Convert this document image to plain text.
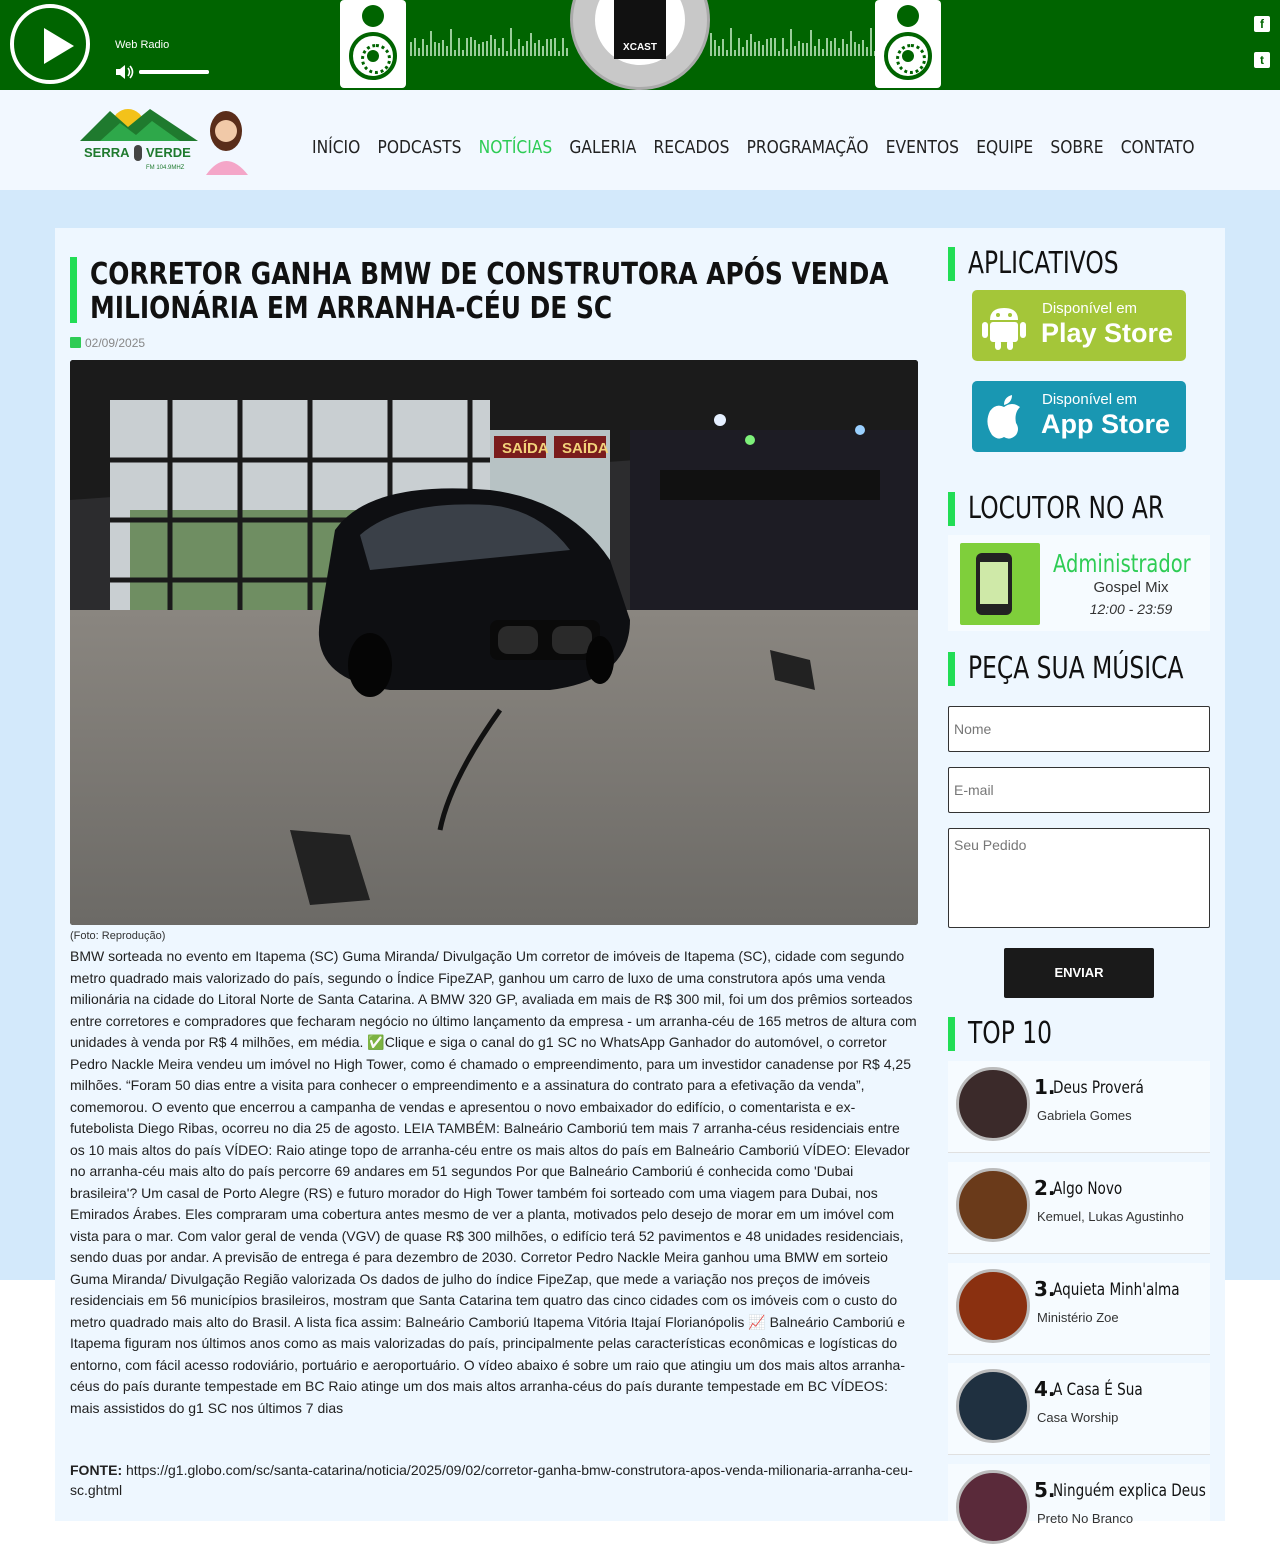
Web Radio	XCAST
f
t
SERRA VERDE
FM 104.9MHZ
INÍCIO PODCASTS NOTÍCIAS GALERIA RECADOS PROGRAMAÇÃO EVENTOS EQUIPE SOBRE CONTATO
CORRETOR GANHA BMW DE CONSTRUTORA APÓS VENDA MILIONÁRIA EM ARRANHA-CÉU DE SC
02/09/2025
SAÍDA SAÍDA
(Foto: Reprodução)

BMW sorteada no evento em Itapema (SC) Guma Miranda/ Divulgação Um corretor de imóveis de Itapema (SC), cidade com segundo metro quadrado mais valorizado do país, segundo o Índice FipeZAP, ganhou um carro de luxo de uma construtora após uma venda milionária na cidade do Litoral Norte de Santa Catarina. A BMW 320 GP, avaliada em mais de R$ 300 mil, foi um dos prêmios sorteados entre corretores e compradores que fecharam negócio no último lançamento da empresa - um arranha-céu de 165 metros de altura com unidades à venda por R$ 4 milhões, em média. ✅Clique e siga o canal do g1 SC no WhatsApp Ganhador do automóvel, o corretor Pedro Nackle Meira vendeu um imóvel no High Tower, como é chamado o empreendimento, para um investidor canadense por R$ 4,25 milhões. “Foram 50 dias entre a visita para conhecer o empreendimento e a assinatura do contrato para a efetivação da venda”, comemorou. O evento que encerrou a campanha de vendas e apresentou o novo embaixador do edifício, o comentarista e ex-futebolista Diego Ribas, ocorreu no dia 25 de agosto. LEIA TAMBÉM: Balneário Camboriú tem mais 7 arranha-céus residenciais entre os 10 mais altos do país VÍDEO: Raio atinge topo de arranha-céu entre os mais altos do país em Balneário Camboriú VÍDEO: Elevador no arranha-céu mais alto do país percorre 69 andares em 51 segundos Por que Balneário Camboriú é conhecida como 'Dubai brasileira'? Um casal de Porto Alegre (RS) e futuro morador do High Tower também foi sorteado com uma viagem para Dubai, nos Emirados Árabes. Eles compraram uma cobertura antes mesmo de ver a planta, motivados pelo desejo de morar em um imóvel com vista para o mar. Com valor geral de venda (VGV) de quase R$ 300 milhões, o edifício terá 52 pavimentos e 48 unidades residenciais, sendo duas por andar. A previsão de entrega é para dezembro de 2030. Corretor Pedro Nackle Meira ganhou uma BMW em sorteio Guma Miranda/ Divulgação Região valorizada Os dados de julho do índice FipeZap, que mede a variação nos preços de imóveis residenciais em 56 municípios brasileiros, mostram que Santa Catarina tem quatro das cinco cidades com os imóveis com o custo do metro quadrado mais alto do Brasil. A lista fica assim: Balneário Camboriú Itapema Vitória Itajaí Florianópolis 📈 Balneário Camboriú e Itapema figuram nos últimos anos como as mais valorizadas do país, principalmente pelas características econômicas e logísticas do entorno, com fácil acesso rodoviário, portuário e aeroportuário. O vídeo abaixo é sobre um raio que atingiu um dos mais altos arranha-céus do país durante tempestade em BC Raio atinge um dos mais altos arranha-céus do país durante tempestade em BC VÍDEOS: mais assistidos do g1 SC nos últimos 7 dias

FONTE: https://g1.globo.com/sc/santa-catarina/noticia/2025/09/02/corretor-ganha-bmw-construtora-apos-venda-milionaria-arranha-ceu-sc.ghtml

APLICATIVOS
Disponível em
Play Store
Disponível em
App Store
LOCUTOR NO AR
Administrador
Gospel Mix
12:00 - 23:59
PEÇA SUA MÚSICA
Nome
E-mail
Seu Pedido
ENVIAR
TOP 10
1.
Deus Proverá
Gabriela Gomes
2.
Algo Novo
Kemuel, Lukas Agustinho
3.
Aquieta Minh'alma
Ministério Zoe
4.
A Casa É Sua
Casa Worship
5.
Ninguém explica Deus
Preto No Branco
